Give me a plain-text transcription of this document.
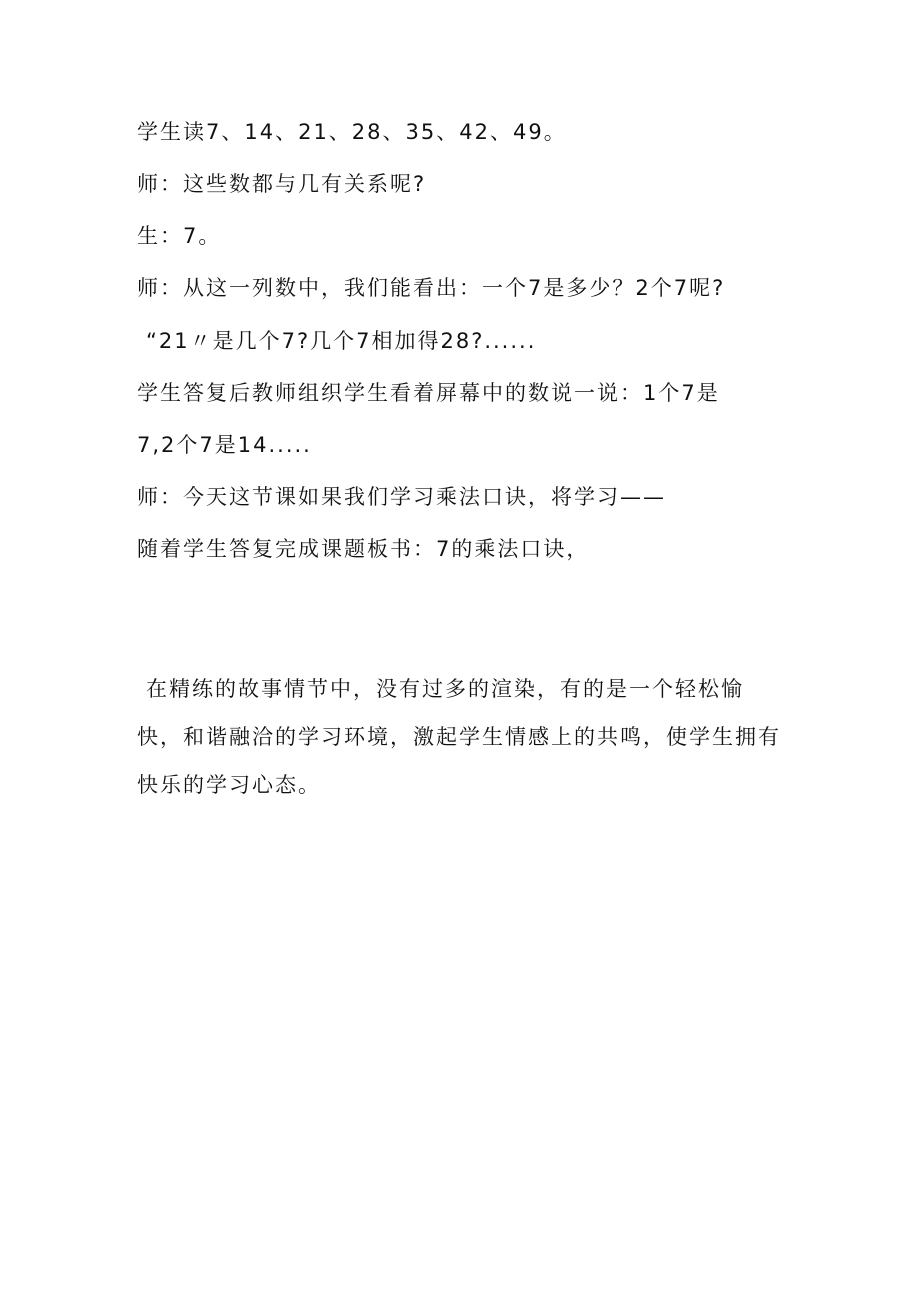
学生读7、14、21、28、35、42、49。
师：这些数都与几有关系呢?
生：7。
师：从这一列数中，我们能看出：一个7是多少？2个7呢?
“21〃是几个7?几个7相加得28?......
学生答复后教师组织学生看着屏幕中的数说一说：1个7是
7,2个7是14.....
师：今天这节课如果我们学习乘法口诀，将学习——
随着学生答复完成课题板书：7的乘法口诀，
在精练的故事情节中，没有过多的渲染，有的是一个轻松愉
快，和谐融洽的学习环境，激起学生情感上的共鸣，使学生拥有
快乐的学习心态。
